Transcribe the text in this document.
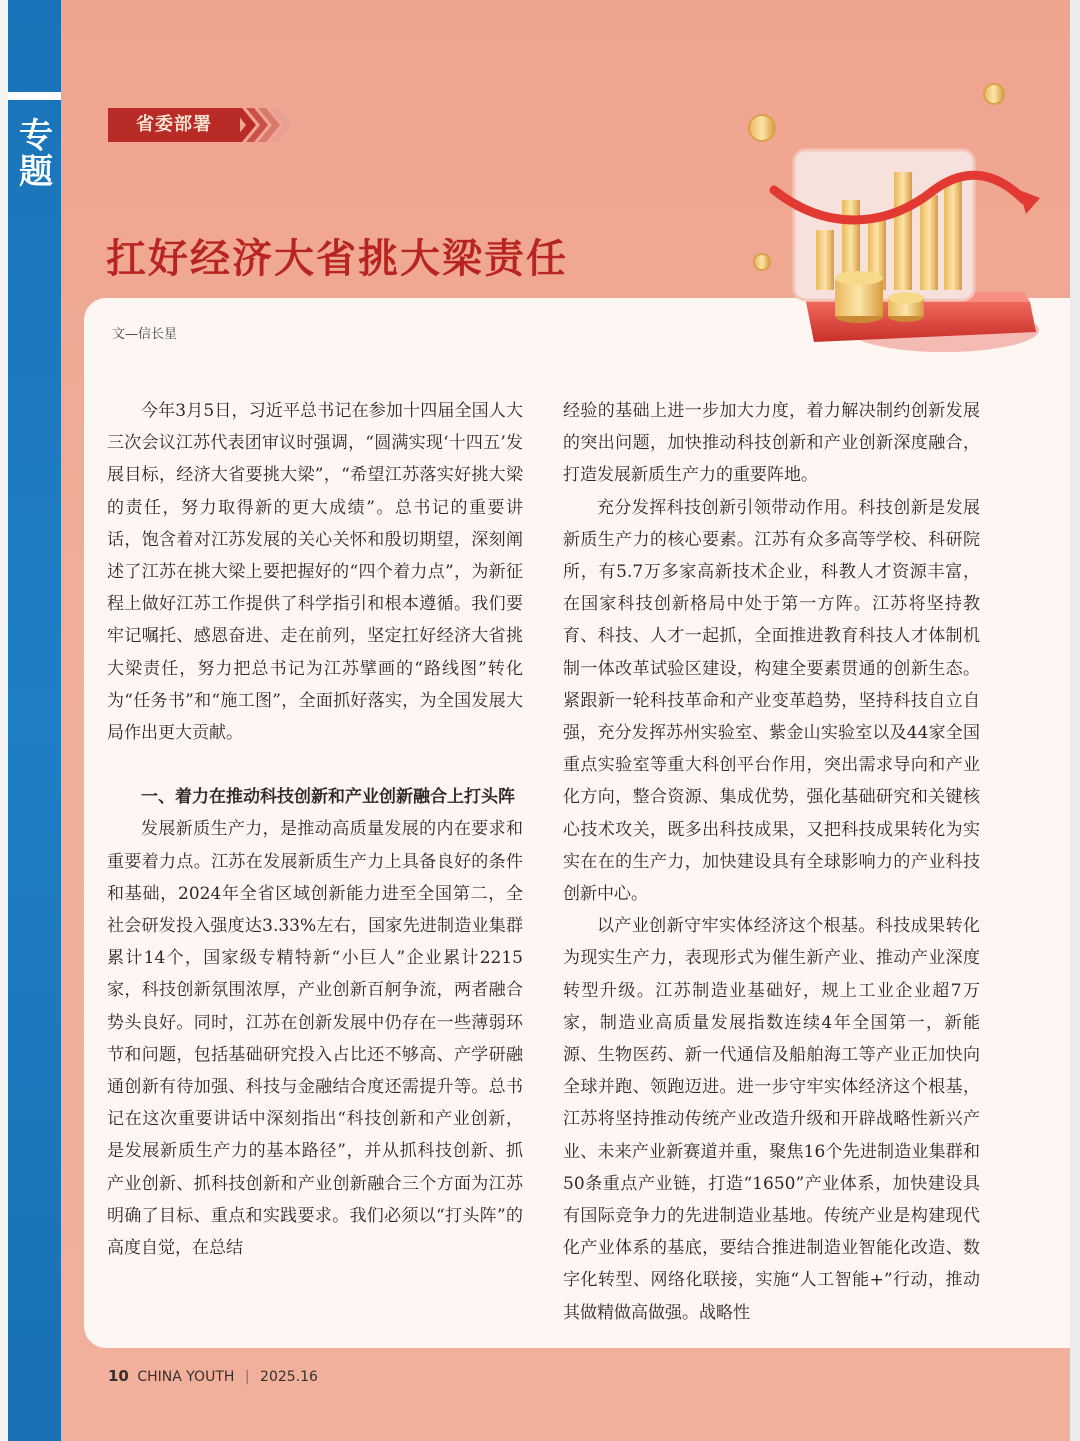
专
题
省委部署
扛好经济大省挑大梁责任
文—信长星

今年3月5日，习近平总书记在参加十四届全国人大三次会议江苏代表团审议时强调，“圆满实现‘十四五’发展目标，经济大省要挑大梁”，“希望江苏落实好挑大梁的责任，努力取得新的更大成绩”。总书记的重要讲话，饱含着对江苏发展的关心关怀和殷切期望，深刻阐述了江苏在挑大梁上要把握好的“四个着力点”，为新征程上做好江苏工作提供了科学指引和根本遵循。我们要牢记嘱托、感恩奋进、走在前列，坚定扛好经济大省挑大梁责任，努力把总书记为江苏擘画的“路线图”转化为“任务书”和“施工图”，全面抓好落实，为全国发展大局作出更大贡献。

一、着力在推动科技创新和产业创新融合上打头阵

发展新质生产力，是推动高质量发展的内在要求和重要着力点。江苏在发展新质生产力上具备良好的条件和基础，2024年全省区域创新能力进至全国第二，全社会研发投入强度达3.33%左右，国家先进制造业集群累计14个，国家级专精特新“小巨人”企业累计2215家，科技创新氛围浓厚，产业创新百舸争流，两者融合势头良好。同时，江苏在创新发展中仍存在一些薄弱环节和问题，包括基础研究投入占比还不够高、产学研融通创新有待加强、科技与金融结合度还需提升等。总书记在这次重要讲话中深刻指出“科技创新和产业创新，是发展新质生产力的基本路径”，并从抓科技创新、抓产业创新、抓科技创新和产业创新融合三个方面为江苏明确了目标、重点和实践要求。我们必须以“打头阵”的高度自觉，在总结

经验的基础上进一步加大力度，着力解决制约创新发展的突出问题，加快推动科技创新和产业创新深度融合，打造发展新质生产力的重要阵地。

充分发挥科技创新引领带动作用。科技创新是发展新质生产力的核心要素。江苏有众多高等学校、科研院所，有5.7万多家高新技术企业，科教人才资源丰富，在国家科技创新格局中处于第一方阵。江苏将坚持教育、科技、人才一起抓，全面推进教育科技人才体制机制一体改革试验区建设，构建全要素贯通的创新生态。紧跟新一轮科技革命和产业变革趋势，坚持科技自立自强，充分发挥苏州实验室、紫金山实验室以及44家全国重点实验室等重大科创平台作用，突出需求导向和产业化方向，整合资源、集成优势，强化基础研究和关键核心技术攻关，既多出科技成果，又把科技成果转化为实实在在的生产力，加快建设具有全球影响力的产业科技创新中心。

以产业创新守牢实体经济这个根基。科技成果转化为现实生产力，表现形式为催生新产业、推动产业深度转型升级。江苏制造业基础好，规上工业企业超7万家，制造业高质量发展指数连续4年全国第一，新能源、生物医药、新一代通信及船舶海工等产业正加快向全球并跑、领跑迈进。进一步守牢实体经济这个根基，江苏将坚持推动传统产业改造升级和开辟战略性新兴产业、未来产业新赛道并重，聚焦16个先进制造业集群和50条重点产业链，打造“1650”产业体系，加快建设具有国际竞争力的先进制造业基地。传统产业是构建现代化产业体系的基底，要结合推进制造业智能化改造、数字化转型、网络化联接，实施“人工智能+”行动，推动其做精做高做强。战略性

10 CHINA YOUTH | 2025.16
